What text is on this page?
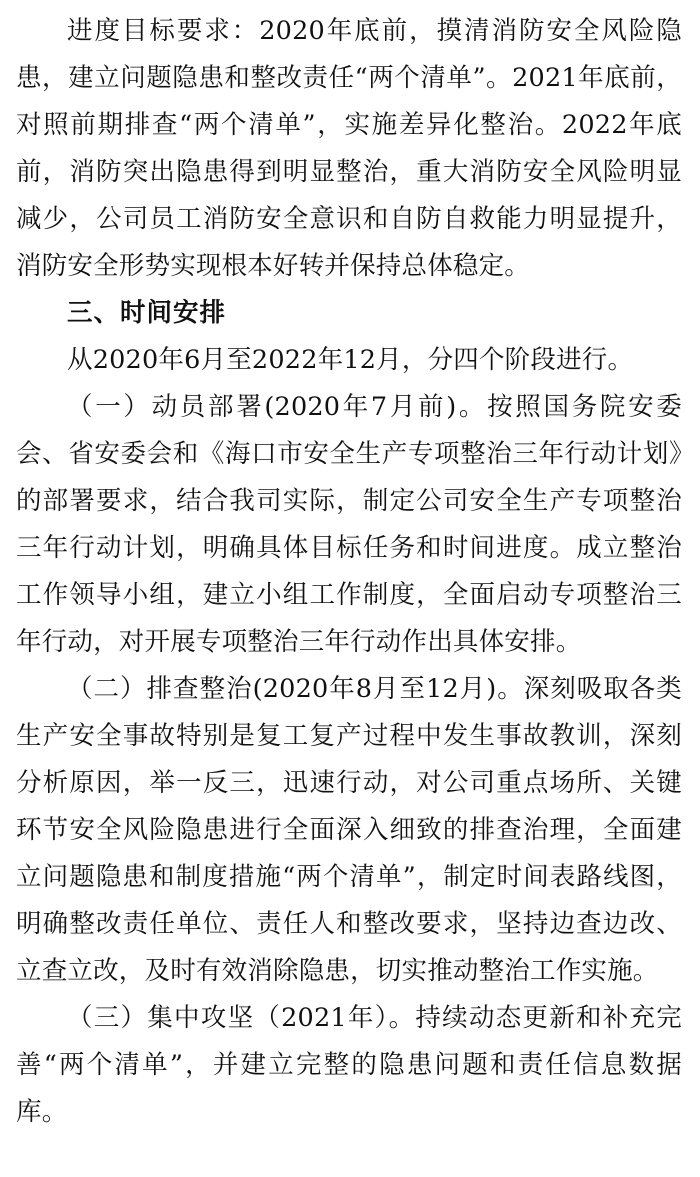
进度目标要求：2020年底前，摸清消防安全风险隐患，建立问题隐患和整改责任“两个清单”。2021年底前，对照前期排查“两个清单”，实施差异化整治。2022年底前，消防突出隐患得到明显整治，重大消防安全风险明显减少，公司员工消防安全意识和自防自救能力明显提升，消防安全形势实现根本好转并保持总体稳定。

三、时间安排

从2020年6月至2022年12月，分四个阶段进行。

（一）动员部署(2020年7月前)。按照国务院安委会、省安委会和《海口市安全生产专项整治三年行动计划》的部署要求，结合我司实际，制定公司安全生产专项整治三年行动计划，明确具体目标任务和时间进度。成立整治工作领导小组，建立小组工作制度，全面启动专项整治三年行动，对开展专项整治三年行动作出具体安排。

（二）排查整治(2020年8月至12月)。深刻吸取各类生产安全事故特别是复工复产过程中发生事故教训，深刻分析原因，举一反三，迅速行动，对公司重点场所、关键环节安全风险隐患进行全面深入细致的排查治理，全面建立问题隐患和制度措施“两个清单”，制定时间表路线图，明确整改责任单位、责任人和整改要求，坚持边查边改、立查立改，及时有效消除隐患，切实推动整治工作实施。

（三）集中攻坚（2021年）。持续动态更新和补充完善“两个清单”，并建立完整的隐患问题和责任信息数据库。
